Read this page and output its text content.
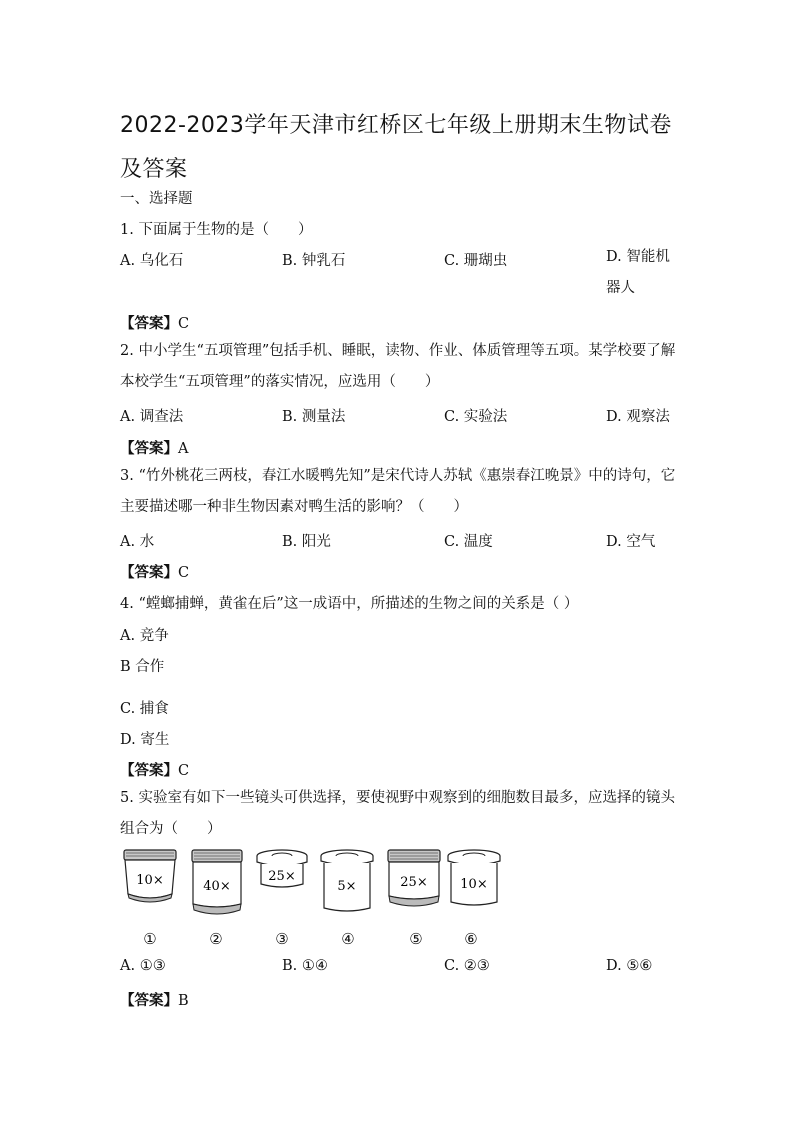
2022-2023学年天津市红桥区七年级上册期末生物试卷及答案
一、选择题
1. 下面属于生物的是（　　）
A. 乌化石	B. 钟乳石	C. 珊瑚虫	D. 智能机器人
【答案】C
2. 中小学生“五项管理”包括手机、睡眠，读物、作业、体质管理等五项。某学校要了解本校学生“五项管理”的落实情况，应选用（　　）
A. 调查法	B. 测量法	C. 实验法	D. 观察法
【答案】A
3. “竹外桃花三两枝，春江水暖鸭先知”是宋代诗人苏轼《惠崇春江晚景》中的诗句，它主要描述哪一种非生物因素对鸭生活的影响？（　　）
A. 水	B. 阳光	C. 温度	D. 空气
【答案】C
4. “螳螂捕蝉，黄雀在后”这一成语中，所描述的生物之间的关系是（ ）
A. 竞争
B 合作
C. 捕食
D. 寄生
【答案】C
5. 实验室有如下一些镜头可供选择，要使视野中观察到的细胞数目最多，应选择的镜头组合为（　　）
10×	40×
25×
5×	25×	10×
①	②	③	④	⑤	⑥
A. ①③	B. ①④	C. ②③	D. ⑤⑥
【答案】B
